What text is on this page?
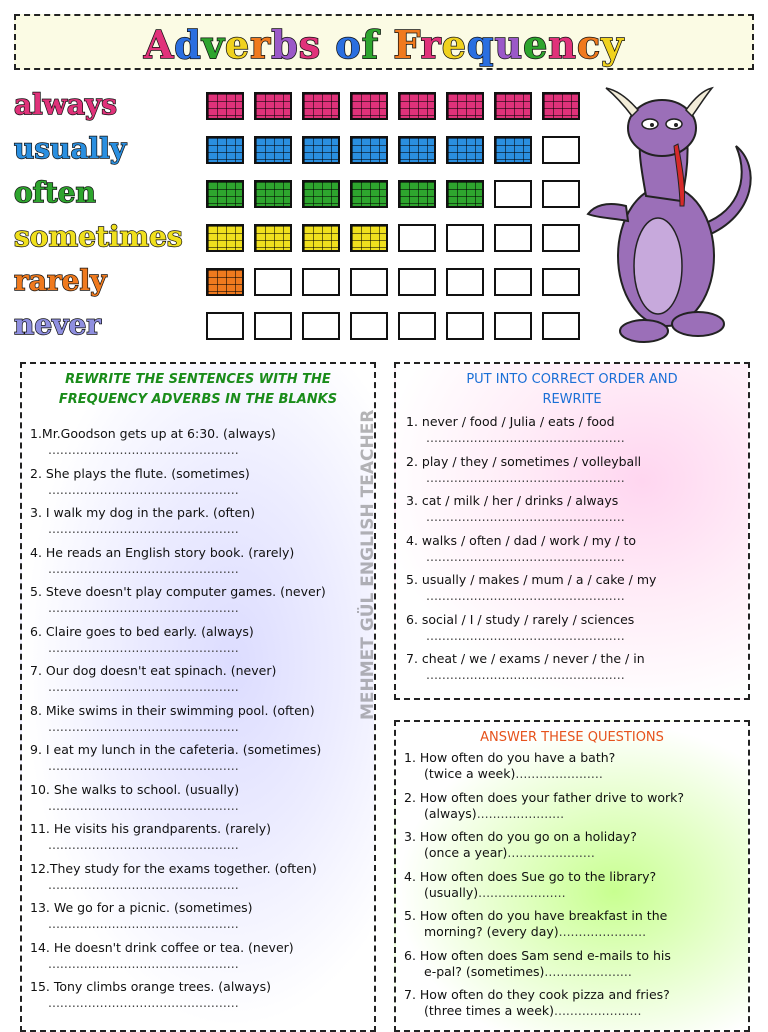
Adverbs of Frequency
always
usually
often
sometimes
rarely
never
REWRITE THE SENTENCES WITH THE
FREQUENCY ADVERBS IN THE BLANKS
1.Mr.Goodson gets up at 6:30. (always)
................................................
2. She plays the flute. (sometimes)
................................................
3. I walk my dog in the park. (often)
................................................
4. He reads an English story book. (rarely)
................................................
5. Steve doesn't play computer games. (never)
................................................
6. Claire goes to bed early. (always)
................................................
7. Our dog doesn't eat spinach. (never)
................................................
8. Mike swims in their swimming pool. (often)
................................................
9. I eat my lunch in the cafeteria. (sometimes)
................................................
10. She walks to school. (usually)
................................................
11. He visits his grandparents. (rarely)
................................................
12.They study for the exams together. (often)
................................................
13. We go for a picnic. (sometimes)
................................................
14. He doesn't drink coffee or tea. (never)
................................................
15. Tony climbs orange trees. (always)
................................................
MEHMET GÜL ENGLISH TEACHER
PUT INTO CORRECT ORDER AND
REWRITE
1. never / food / Julia / eats / food
..................................................
2. play / they / sometimes / volleyball
..................................................
3. cat / milk / her / drinks / always
..................................................
4. walks / often / dad / work / my / to
..................................................
5. usually / makes / mum / a / cake / my
..................................................
6. social / I / study / rarely / sciences
..................................................
7. cheat / we / exams / never / the / in
..................................................
ANSWER THESE QUESTIONS
1. How often do you have a bath?
(twice a week)......................
2. How often does your father drive to work?
(always)......................
3. How often do you go on a holiday?
(once a year)......................
4. How often does Sue go to the library?
(usually)......................
5. How often do you have breakfast in the
morning? (every day)......................
6. How often does Sam send e-mails to his
e-pal? (sometimes)......................
7. How often do they cook pizza and fries?
(three times a week)......................
